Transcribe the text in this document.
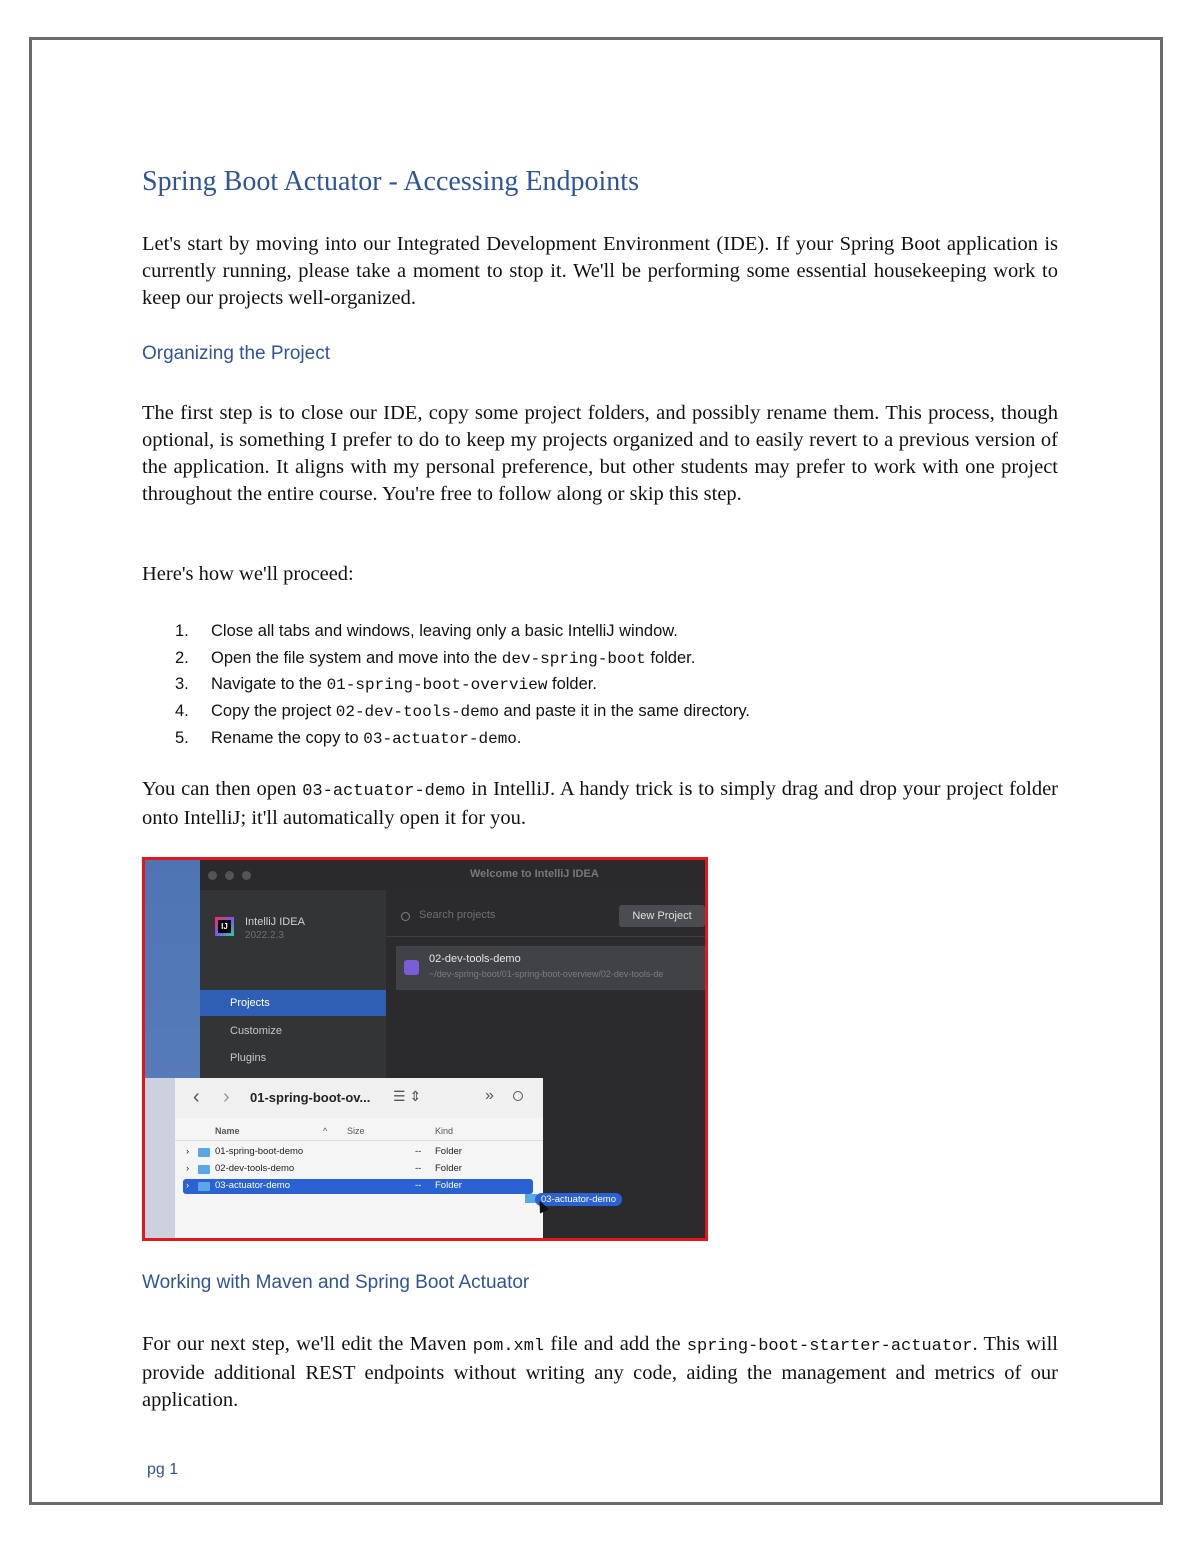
Spring Boot Actuator - Accessing Endpoints
Let's start by moving into our Integrated Development Environment (IDE). If your Spring Boot application is currently running, please take a moment to stop it. We'll be performing some essential housekeeping work to keep our projects well-organized.
Organizing the Project
The first step is to close our IDE, copy some project folders, and possibly rename them. This process, though optional, is something I prefer to do to keep my projects organized and to easily revert to a previous version of the application. It aligns with my personal preference, but other students may prefer to work with one project throughout the entire course. You're free to follow along or skip this step.
Here's how we'll proceed:
1. Close all tabs and windows, leaving only a basic IntelliJ window.
2. Open the file system and move into the dev-spring-boot folder.
3. Navigate to the 01-spring-boot-overview folder.
4. Copy the project 02-dev-tools-demo and paste it in the same directory.
5. Rename the copy to 03-actuator-demo.
You can then open 03-actuator-demo in IntelliJ. A handy trick is to simply drag and drop your project folder onto IntelliJ; it'll automatically open it for you.
Welcome to IntelliJ IDEA
IJ IntelliJ IDEA
2022.2.3
Projects
Customize
Plugins
Search projects	New Project
02-dev-tools-demo
~/dev-spring-boot/01-spring-boot-overview/02-dev-tools-de
‹ › 01-spring-boot-ov... ☰ ⇕	»
Name	^ Size	Kind
›	01-spring-boot-demo	-- Folder
›	02-dev-tools-demo	-- Folder
›	03-actuator-demo	-- Folder
03-actuator-demo
Working with Maven and Spring Boot Actuator
For our next step, we'll edit the Maven pom.xml file and add the spring-boot-starter-actuator. This will provide additional REST endpoints without writing any code, aiding the management and metrics of our application.
pg 1
